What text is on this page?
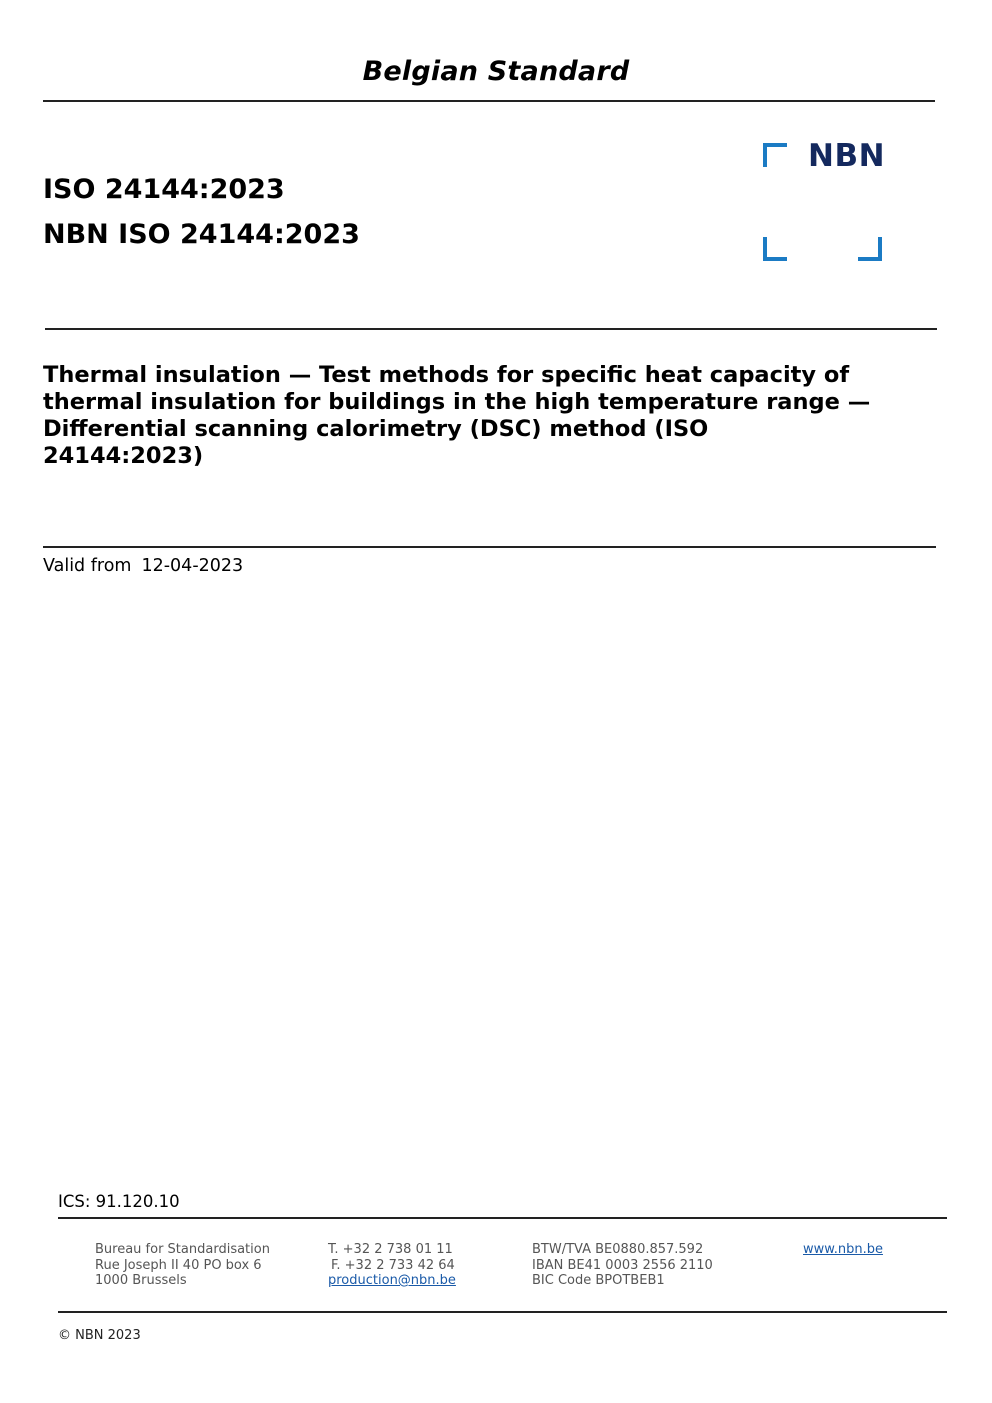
Belgian Standard
ISO 24144:2023
NBN ISO 24144:2023
NBN
Thermal insulation — Test methods for specific heat capacity of thermal insulation for buildings in the high temperature range — Differential scanning calorimetry (DSC) method (ISO 24144:2023)
Valid from 12-04-2023
ICS: 91.120.10
Bureau for Standardisation
Rue Joseph II 40 PO box 6
1000 Brussels
T. +32 2 738 01 11
F. +32 2 733 42 64
production@nbn.be
BTW/TVA BE0880.857.592
IBAN BE41 0003 2556 2110
BIC Code BPOTBEB1
www.nbn.be
© NBN 2023
